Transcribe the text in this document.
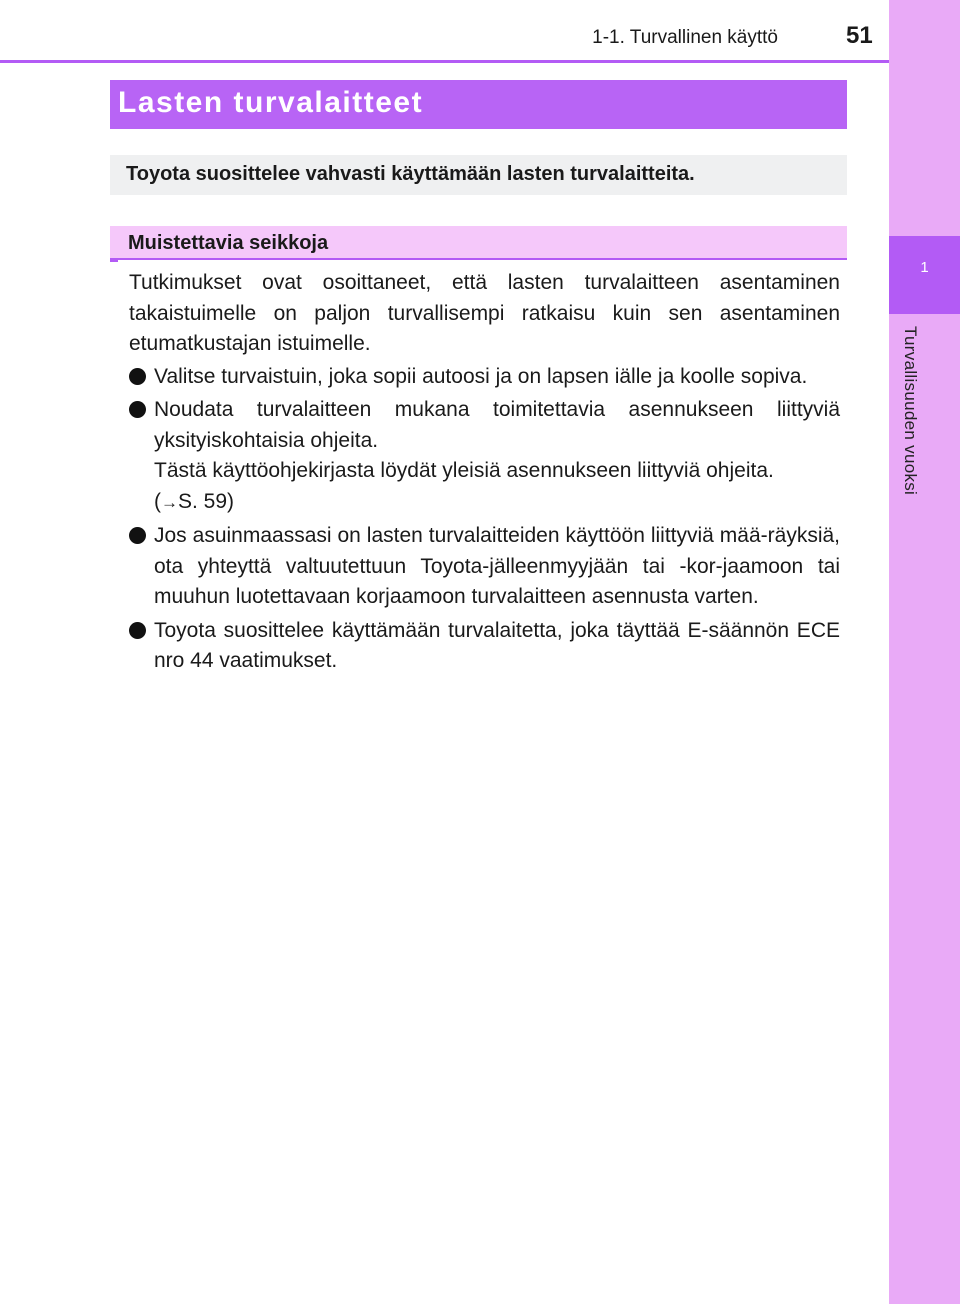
1
Turvallisuuden vuoksi
1-1. Turvallinen käyttö	51
Lasten turvalaitteet
Toyota suosittelee vahvasti käyttämään lasten turvalaitteita.
Muistettavia seikkoja

Tutkimukset ovat osoittaneet, että lasten turvalaitteen asentaminen takaistuimelle on paljon turvallisempi ratkaisu kuin sen asentaminen etumatkustajan istuimelle.

Valitse turvaistuin, joka sopii autoosi ja on lapsen iälle ja koolle sopiva.
Noudata turvalaitteen mukana toimitettavia asennukseen liittyviä yksityiskohtaisia ohjeita.
Tästä käyttöohjekirjasta löydät yleisiä asennukseen liittyviä ohjeita.
(→S. 59)
Jos asuinmaassasi on lasten turvalaitteiden käyttöön liittyviä mää-räyksiä, ota yhteyttä valtuutettuun Toyota-jälleenmyyjään tai -kor-jaamoon tai muuhun luotettavaan korjaamoon turvalaitteen asennusta varten.
Toyota suosittelee käyttämään turvalaitetta, joka täyttää E-säännön ECE nro 44 vaatimukset.
